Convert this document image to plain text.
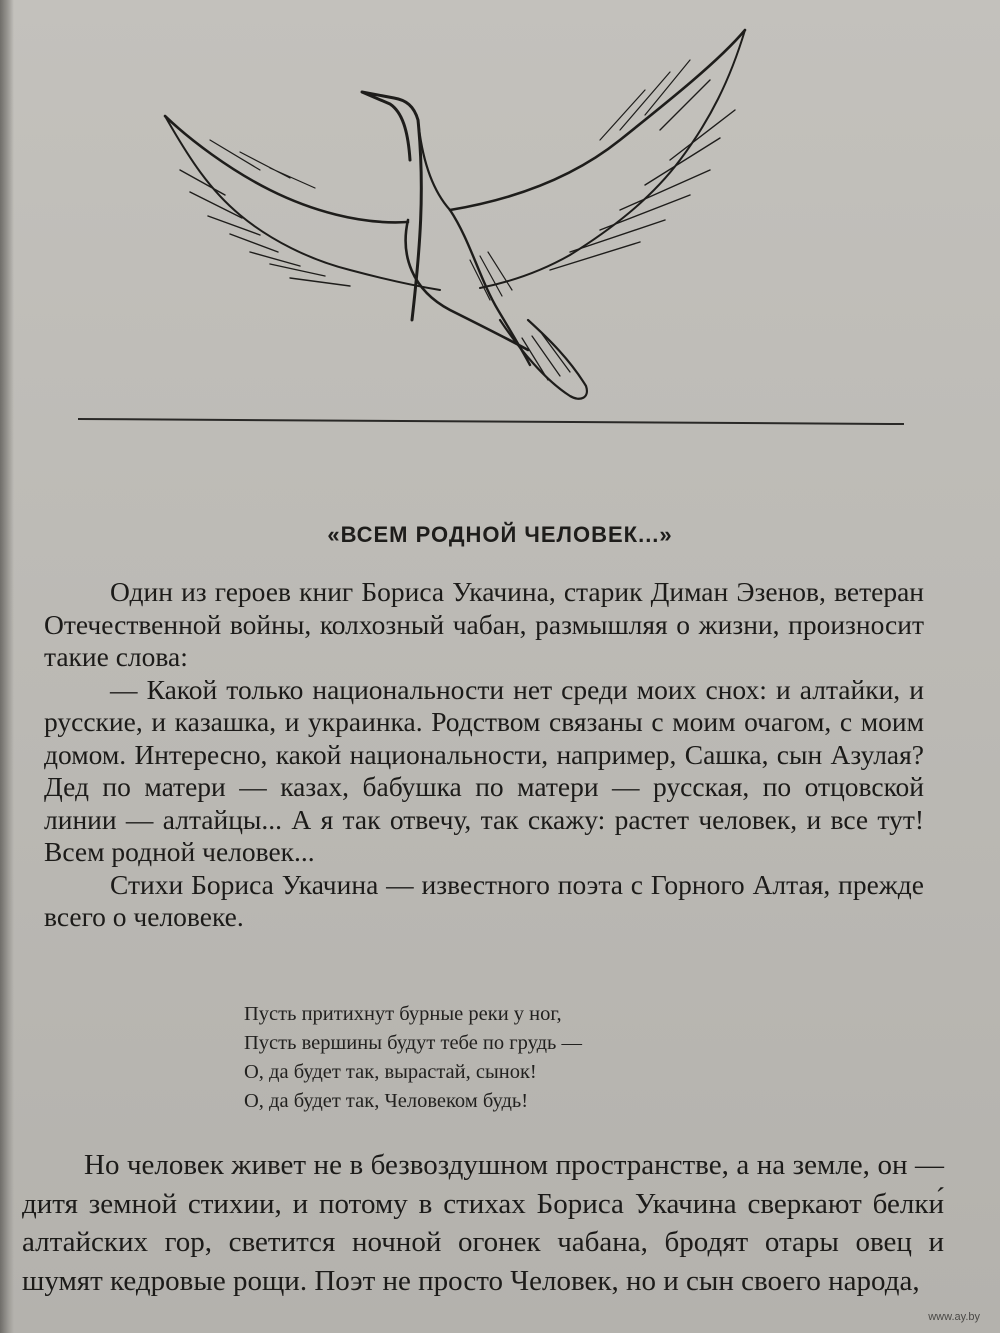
«ВСЕМ РОДНОЙ ЧЕЛОВЕК...»

Один из героев книг Бориса Укачина, старик Диман Эзенов, ветеран Отечественной войны, колхозный чабан, размышляя о жизни, произносит такие слова:

— Какой только национальности нет среди моих снох: и алтайки, и русские, и казашка, и украинка. Родством связаны с моим очагом, с моим домом. Интересно, какой национальности, например, Сашка, сын Азулая? Дед по матери — казах, бабушка по матери — русская, по отцовской линии — алтайцы... А я так отвечу, так скажу: растет человек, и все тут! Всем родной человек...

Стихи Бориса Укачина — известного поэта с Горного Алтая, прежде всего о человеке.

Пусть притихнут бурные реки у ног,
Пусть вершины будут тебе по грудь —
О, да будет так, вырастай, сынок!
О, да будет так, Человеком будь!

Но человек живет не в безвоздушном пространстве, а на земле, он — дитя земной стихии, и потому в стихах Бориса Укачина сверкают белки́ алтайских гор, светится ночной огонек чабана, бродят отары овец и шумят кедровые рощи. Поэт не просто Человек, но и сын своего народа,

www.ay.by
